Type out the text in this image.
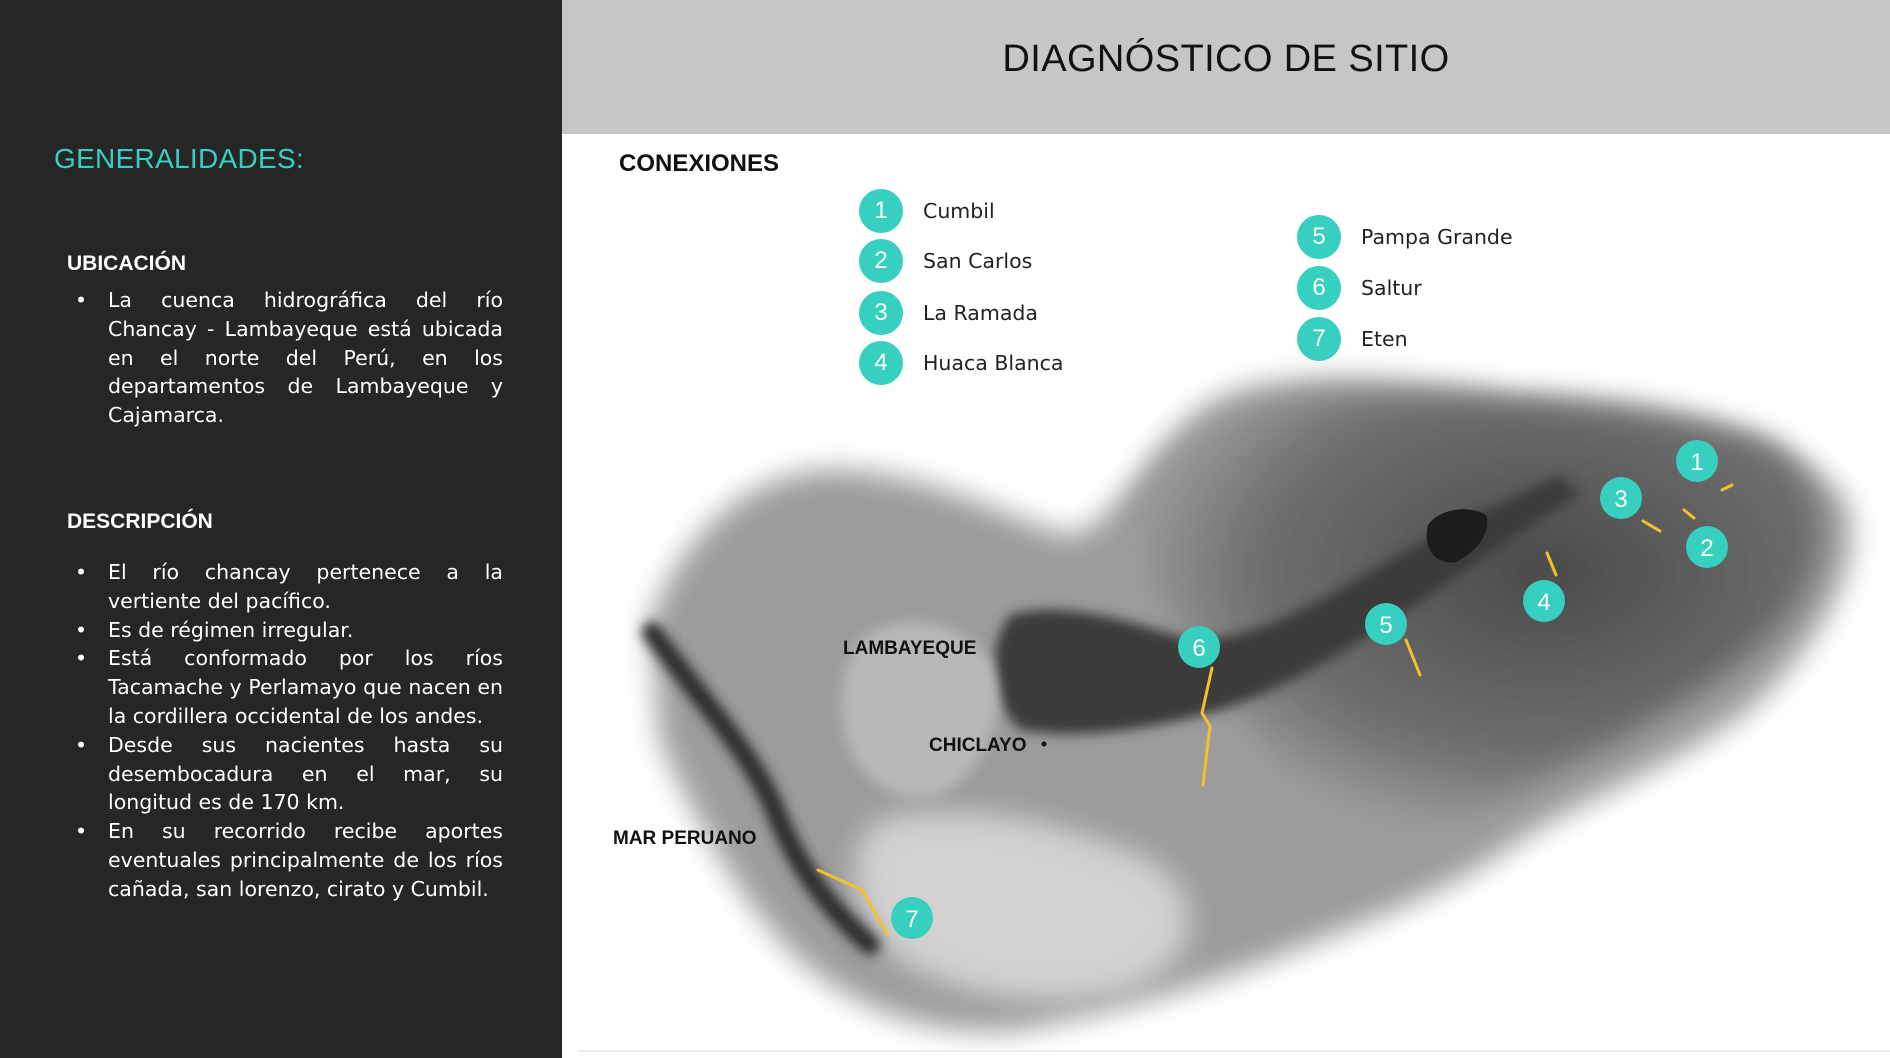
GENERALIDADES:
UBICACIÓN
• La cuenca hidrográfica del río Chancay - Lambayeque está ubicada en el norte del Perú, en los departamentos de Lambayeque y Cajamarca.
DESCRIPCIÓN
• El río chancay pertenece a la vertiente del pacífico.
• Es de régimen irregular.
• Está conformado por los ríos Tacamache y Perlamayo que nacen en la cordillera occidental de los andes.
• Desde sus nacientes hasta su desembocadura en el mar, su longitud es de 170 km.
• En su recorrido recibe aportes eventuales principalmente de los ríos cañada, san lorenzo, cirato y Cumbil.
DIAGNÓSTICO DE SITIO
CONEXIONES
1	Cumbil
2	San Carlos
3	La Ramada
4	Huaca Blanca
5	Pampa Grande
6	Saltur
7	Eten
LAMBAYEQUE
CHICLAYO
MAR PERUANO
1
2
3
4
5
6
7
